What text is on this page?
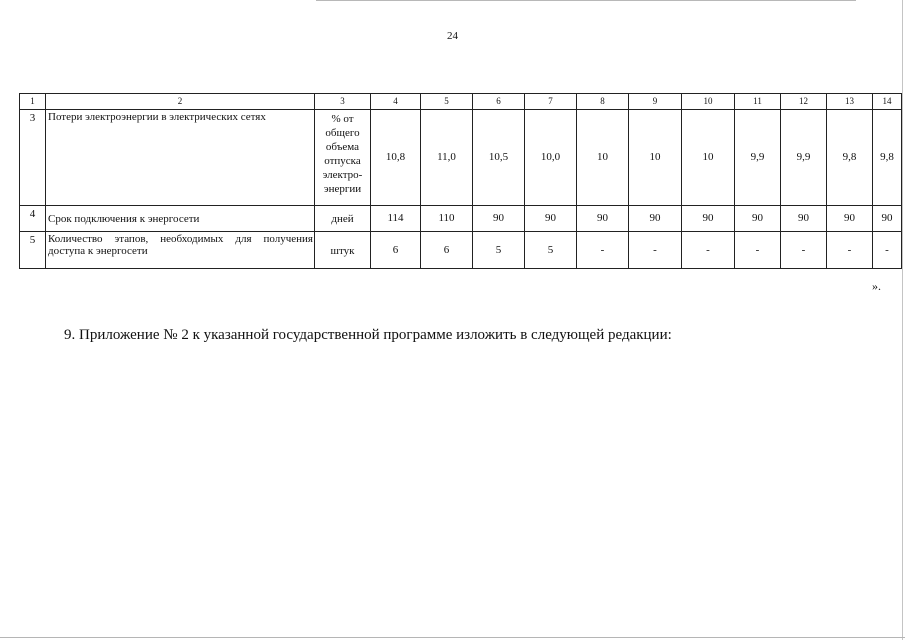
24
1	2	3	4	5	6	7	8	9	10	11	12	13	14
3	Потери электроэнергии в электрических сетях	% от общего объема отпуска электро-энергии	10,8	11,0	10,5	10,0	10	10	10	9,9	9,9	9,8	9,8
4	Срок подключения к энергосети	дней	114	110	90	90	90	90	90	90	90	90	90
5	Количество этапов, необходимых для получения доступа к энергосети	штук	6	6	5	5	-	-	-	-	-	-	-
».
9. Приложение № 2 к указанной государственной программе изложить в следующей редакции:
